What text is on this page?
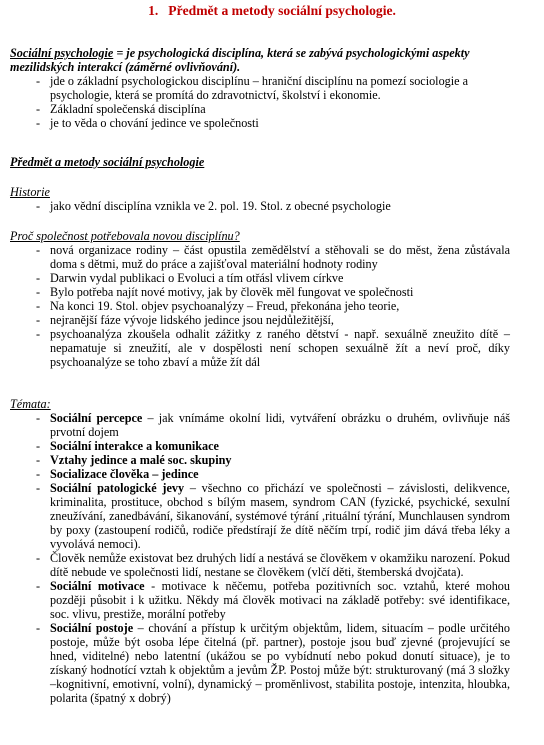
1. Předmět a metody sociální psychologie.

Sociální psychologie = je psychologická disciplína, která se zabývá psychologickými aspekty mezilidských interakcí (záměrné ovlivňování).

- jde o základní psychologickou disciplínu – hraniční disciplínu na pomezí sociologie a psychologie, která se promítá do zdravotnictví, školství i ekonomie.
- Základní společenská disciplína
- je to věda o chování jedince ve společnosti
Předmět a metody sociální psychologie
Historie
- jako vědní disciplína vznikla ve 2. pol. 19. Stol. z obecné psychologie
Proč společnost potřebovala novou disciplínu?
- nová organizace rodiny – část opustila zemědělství a stěhovali se do měst, žena zůstávala doma s dětmi, muž do práce a zajišťoval materiální hodnoty rodiny
- Darwin vydal publikaci o Evoluci a tím otřásl vlivem církve
- Bylo potřeba najít nové motivy, jak by člověk měl fungovat ve společnosti
- Na konci 19. Stol. objev psychoanalýzy – Freud, překonána jeho teorie,
- nejranější fáze vývoje lidského jedince jsou nejdůležitější,
- psychoanalýza zkoušela odhalit zážitky z raného dětství - např. sexuálně zneužito dítě – nepamatuje si zneužití, ale v dospělosti není schopen sexuálně žít a neví proč, díky psychoanalýze se toho zbaví a může žít dál
Témata:
- Sociální percepce – jak vnímáme okolní lidi, vytváření obrázku o druhém, ovlivňuje náš prvotní dojem
- Sociální interakce a komunikace
- Vztahy jedince a malé soc. skupiny
- Socializace člověka – jedince
- Sociální patologické jevy – všechno co přichází ve společnosti – závislosti, delikvence, kriminalita, prostituce, obchod s bílým masem, syndrom CAN (fyzické, psychické, sexulní zneužívání, zanedbávání, šikanování, systémové týrání ,rituální týrání, Munchlausen syndrom by poxy (zastoupení rodičů, rodiče předstírají že dítě něčím trpí, rodič jim dává třeba léky a vyvolává nemoci).
- Člověk nemůže existovat bez druhých lidí a nestává se člověkem v okamžiku narození. Pokud dítě nebude ve společnosti lidí, nestane se člověkem (vlčí děti, štemberská dvojčata).
- Sociální motivace - motivace k něčemu, potřeba pozitivních soc. vztahů, které mohou později působit i k užitku. Někdy má člověk motivaci na základě potřeby: své identifikace, soc. vlivu, prestiže, morální potřeby
- Sociální postoje – chování a přístup k určitým objektům, lidem, situacím – podle určitého postoje, může být osoba lépe čitelná (př. partner), postoje jsou buď zjevné (projevující se hned, viditelné) nebo latentní (ukážou se po vybídnutí nebo pokud donutí situace), je to získaný hodnotící vztah k objektům a jevům ŽP. Postoj může být: strukturovaný (má 3 složky –kognitivní, emotivní, volní), dynamický – proměnlivost, stabilita postoje, intenzita, hloubka, polarita (špatný x dobrý)
